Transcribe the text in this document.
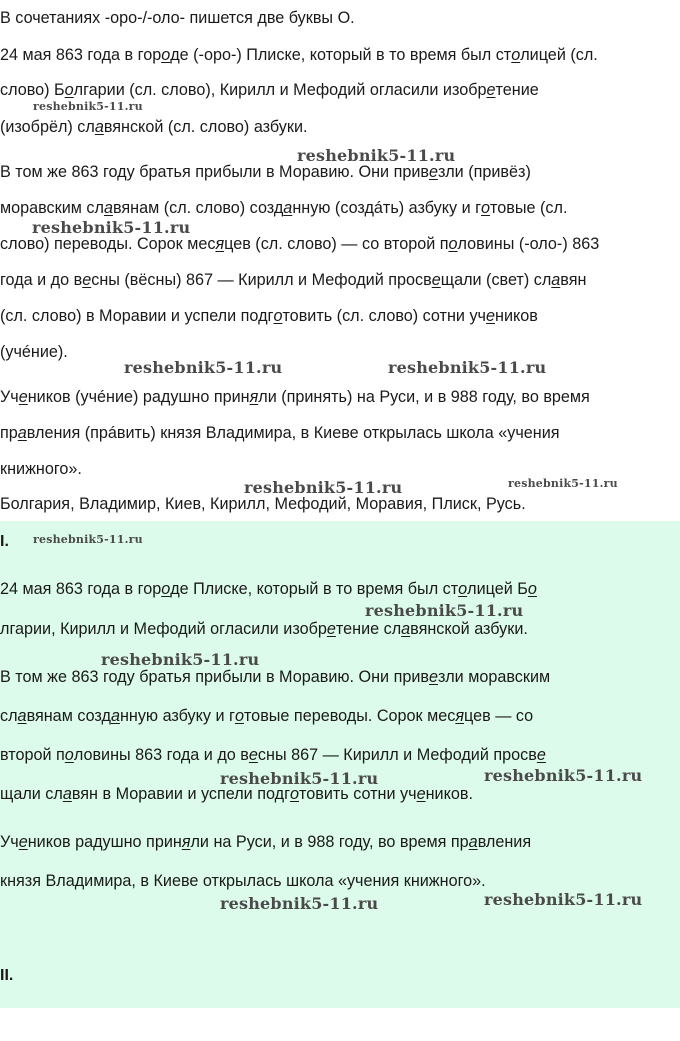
В сочетаниях -оро-/-оло- пишется две буквы О.
24 мая 863 года в городе (-оро-) Плиске, который в то время был столицей (сл.
слово) Болгарии (сл. слово), Кирилл и Мефодий огласили изобретение
(изобрёл) славянской (сл. слово) азбуки.
В том же 863 году братья прибыли в Моравию. Они привезли (привёз)
моравским славянам (сл. слово) созданную (создáть) азбуку и готовые (сл.
слово) переводы. Сорок месяцев (сл. слово) — со второй половины (-оло-) 863
года и до весны (вёсны) 867 — Кирилл и Мефодий просвещали (свет) славян
(сл. слово) в Моравии и успели подготовить (сл. слово) сотни учеников
(учéние).
Учеников (учéние) радушно приняли (принять) на Руси, и в 988 году, во время
правления (прáвить) князя Владимира, в Киеве открылась школа «учения
книжного».
Болгария, Владимир, Киев, Кирилл, Мефодий, Моравия, Плиск, Русь.
I.
24 мая 863 года в городе Плиске, который в то время был столицей Бо
лгарии, Кирилл и Мефодий огласили изобретение славянской азбуки.
В том же 863 году братья прибыли в Моравию. Они привезли моравским
славянам созданную азбуку и готовые переводы. Сорок месяцев — со
второй половины 863 года и до весны 867 — Кирилл и Мефодий просве
щали славян в Моравии и успели подготовить сотни учеников.
Учеников радушно приняли на Руси, и в 988 году, во время правления
князя Владимира, в Киеве открылась школа «учения книжного».
II.
reshebnik5-11.ru
reshebnik5-11.ru
reshebnik5-11.ru
reshebnik5-11.ru	reshebnik5-11.ru
reshebnik5-11.ru	reshebnik5-11.ru
reshebnik5-11.ru
reshebnik5-11.ru
reshebnik5-11.ru
reshebnik5-11.ru	reshebnik5-11.ru
reshebnik5-11.ru	reshebnik5-11.ru
